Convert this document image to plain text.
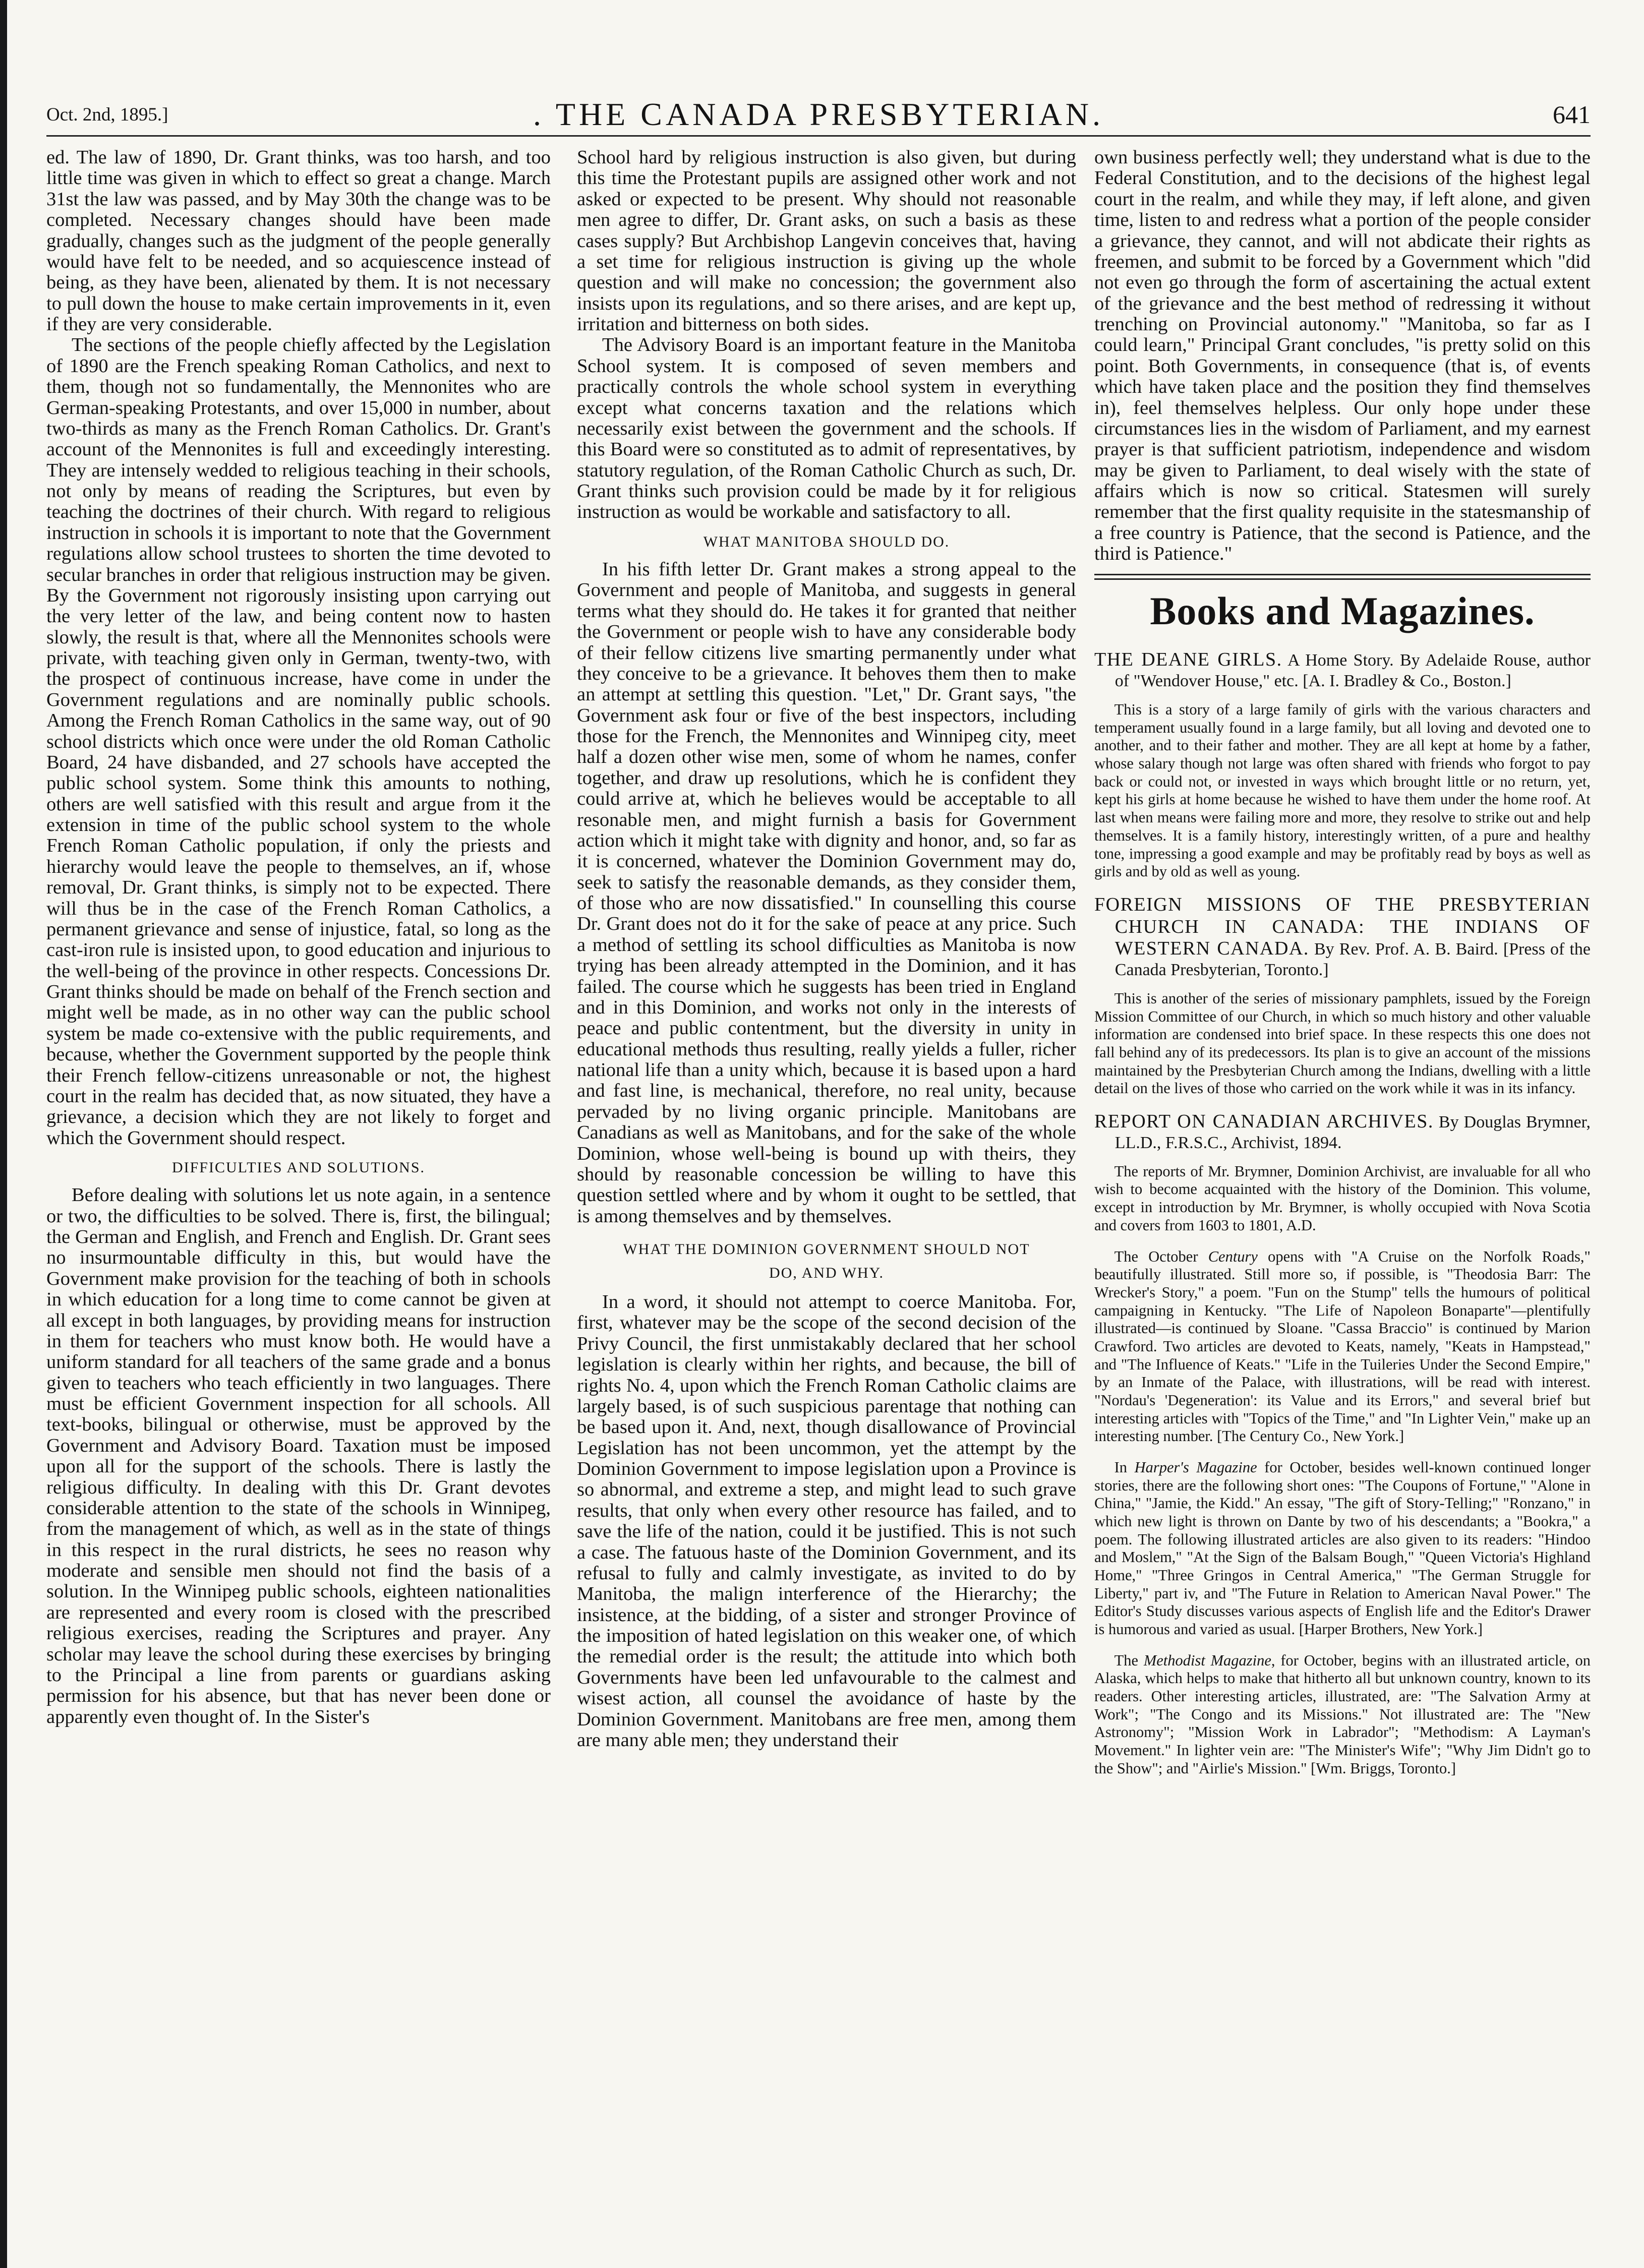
Oct. 2nd, 1895.]	. THE CANADA PRESBYTERIAN.	641

ed. The law of 1890, Dr. Grant thinks, was too harsh, and too little time was given in which to effect so great a change. March 31st the law was passed, and by May 30th the change was to be completed. Necessary changes should have been made gradually, changes such as the judgment of the people generally would have felt to be needed, and so acquiescence instead of being, as they have been, alienated by them. It is not necessary to pull down the house to make certain improvements in it, even if they are very considerable.

The sections of the people chiefly affected by the Legislation of 1890 are the French speaking Roman Catholics, and next to them, though not so fundamentally, the Mennonites who are German-speaking Protestants, and over 15,000 in number, about two-thirds as many as the French Roman Catholics. Dr. Grant's account of the Mennonites is full and exceedingly interesting. They are intensely wedded to religious teaching in their schools, not only by means of reading the Scriptures, but even by teaching the doctrines of their church. With regard to religious instruction in schools it is important to note that the Government regulations allow school trustees to shorten the time devoted to secular branches in order that religious instruction may be given. By the Government not rigorously insisting upon carrying out the very letter of the law, and being content now to hasten slowly, the result is that, where all the Mennonites schools were private, with teaching given only in German, twenty-two, with the prospect of continuous increase, have come in under the Government regulations and are nominally public schools. Among the French Roman Catholics in the same way, out of 90 school districts which once were under the old Roman Catholic Board, 24 have disbanded, and 27 schools have accepted the public school system. Some think this amounts to nothing, others are well satisfied with this result and argue from it the extension in time of the public school system to the whole French Roman Catholic population, if only the priests and hierarchy would leave the people to themselves, an if, whose removal, Dr. Grant thinks, is simply not to be expected. There will thus be in the case of the French Roman Catholics, a permanent grievance and sense of injustice, fatal, so long as the cast-iron rule is insisted upon, to good education and injurious to the well-being of the province in other respects. Concessions Dr. Grant thinks should be made on behalf of the French section and might well be made, as in no other way can the public school system be made co-extensive with the public requirements, and because, whether the Government supported by the people think their French fellow-citizens unreasonable or not, the highest court in the realm has decided that, as now situated, they have a grievance, a decision which they are not likely to forget and which the Government should respect.

DIFFICULTIES AND SOLUTIONS.

Before dealing with solutions let us note again, in a sentence or two, the difficulties to be solved. There is, first, the bilingual; the German and English, and French and English. Dr. Grant sees no insurmountable difficulty in this, but would have the Government make provision for the teaching of both in schools in which education for a long time to come cannot be given at all except in both languages, by providing means for instruction in them for teachers who must know both. He would have a uniform standard for all teachers of the same grade and a bonus given to teachers who teach efficiently in two languages. There must be efficient Government inspection for all schools. All text-books, bilingual or otherwise, must be approved by the Government and Advisory Board. Taxation must be imposed upon all for the support of the schools. There is lastly the religious difficulty. In dealing with this Dr. Grant devotes considerable attention to the state of the schools in Winnipeg, from the management of which, as well as in the state of things in this respect in the rural districts, he sees no reason why moderate and sensible men should not find the basis of a solution. In the Winnipeg public schools, eighteen nationalities are represented and every room is closed with the prescribed religious exercises, reading the Scriptures and prayer. Any scholar may leave the school during these exercises by bringing to the Principal a line from parents or guardians asking permission for his absence, but that has never been done or apparently even thought of. In the Sister's

School hard by religious instruction is also given, but during this time the Protestant pupils are assigned other work and not asked or expected to be present. Why should not reasonable men agree to differ, Dr. Grant asks, on such a basis as these cases supply? But Archbishop Langevin conceives that, having a set time for religious instruction is giving up the whole question and will make no concession; the government also insists upon its regulations, and so there arises, and are kept up, irritation and bitterness on both sides.

The Advisory Board is an important feature in the Manitoba School system. It is composed of seven members and practically controls the whole school system in everything except what concerns taxation and the relations which necessarily exist between the government and the schools. If this Board were so constituted as to admit of representatives, by statutory regulation, of the Roman Catholic Church as such, Dr. Grant thinks such provision could be made by it for religious instruction as would be workable and satisfactory to all.

WHAT MANITOBA SHOULD DO.

In his fifth letter Dr. Grant makes a strong appeal to the Government and people of Manitoba, and suggests in general terms what they should do. He takes it for granted that neither the Government or people wish to have any considerable body of their fellow citizens live smarting permanently under what they conceive to be a grievance. It behoves them then to make an attempt at settling this question. "Let," Dr. Grant says, "the Government ask four or five of the best inspectors, including those for the French, the Mennonites and Winnipeg city, meet half a dozen other wise men, some of whom he names, confer together, and draw up resolutions, which he is confident they could arrive at, which he believes would be acceptable to all resonable men, and might furnish a basis for Government action which it might take with dignity and honor, and, so far as it is concerned, whatever the Dominion Government may do, seek to satisfy the reasonable demands, as they consider them, of those who are now dissatisfied." In counselling this course Dr. Grant does not do it for the sake of peace at any price. Such a method of settling its school difficulties as Manitoba is now trying has been already attempted in the Dominion, and it has failed. The course which he suggests has been tried in England and in this Dominion, and works not only in the interests of peace and public contentment, but the diversity in unity in educational methods thus resulting, really yields a fuller, richer national life than a unity which, because it is based upon a hard and fast line, is mechanical, therefore, no real unity, because pervaded by no living organic principle. Manitobans are Canadians as well as Manitobans, and for the sake of the whole Dominion, whose well-being is bound up with theirs, they should by reasonable concession be willing to have this question settled where and by whom it ought to be settled, that is among themselves and by themselves.

WHAT THE DOMINION GOVERNMENT SHOULD NOT
DO, AND WHY.

In a word, it should not attempt to coerce Manitoba. For, first, whatever may be the scope of the second decision of the Privy Council, the first unmistakably declared that her school legislation is clearly within her rights, and because, the bill of rights No. 4, upon which the French Roman Catholic claims are largely based, is of such suspicious parentage that nothing can be based upon it. And, next, though disallowance of Provincial Legislation has not been uncommon, yet the attempt by the Dominion Government to impose legislation upon a Province is so abnormal, and extreme a step, and might lead to such grave results, that only when every other resource has failed, and to save the life of the nation, could it be justified. This is not such a case. The fatuous haste of the Dominion Government, and its refusal to fully and calmly investigate, as invited to do by Manitoba, the malign interference of the Hierarchy; the insistence, at the bidding, of a sister and stronger Province of the imposition of hated legislation on this weaker one, of which the remedial order is the result; the attitude into which both Governments have been led unfavourable to the calmest and wisest action, all counsel the avoidance of haste by the Dominion Government. Manitobans are free men, among them are many able men; they understand their

own business perfectly well; they understand what is due to the Federal Constitution, and to the decisions of the highest legal court in the realm, and while they may, if left alone, and given time, listen to and redress what a portion of the people consider a grievance, they cannot, and will not abdicate their rights as freemen, and submit to be forced by a Government which "did not even go through the form of ascertaining the actual extent of the grievance and the best method of redressing it without trenching on Provincial autonomy." "Manitoba, so far as I could learn," Principal Grant concludes, "is pretty solid on this point. Both Governments, in consequence (that is, of events which have taken place and the position they find themselves in), feel themselves helpless. Our only hope under these circumstances lies in the wisdom of Parliament, and my earnest prayer is that sufficient patriotism, independence and wisdom may be given to Parliament, to deal wisely with the state of affairs which is now so critical. Statesmen will surely remember that the first quality requisite in the statesmanship of a free country is Patience, that the second is Patience, and the third is Patience."

Books and Magazines.
THE DEANE GIRLS. A Home Story. By Adelaide Rouse, author of "Wendover House," etc. [A. I. Bradley & Co., Boston.]

This is a story of a large family of girls with the various characters and temperament usually found in a large family, but all loving and devoted one to another, and to their father and mother. They are all kept at home by a father, whose salary though not large was often shared with friends who forgot to pay back or could not, or invested in ways which brought little or no return, yet, kept his girls at home because he wished to have them under the home roof. At last when means were failing more and more, they resolve to strike out and help themselves. It is a family history, interestingly written, of a pure and healthy tone, impressing a good example and may be profitably read by boys as well as girls and by old as well as young.

FOREIGN MISSIONS OF THE PRESBYTERIAN CHURCH IN CANADA: THE INDIANS OF WESTERN CANADA. By Rev. Prof. A. B. Baird. [Press of the Canada Presbyterian, Toronto.]

This is another of the series of missionary pamphlets, issued by the Foreign Mission Committee of our Church, in which so much history and other valuable information are condensed into brief space. In these respects this one does not fall behind any of its predecessors. Its plan is to give an account of the missions maintained by the Presbyterian Church among the Indians, dwelling with a little detail on the lives of those who carried on the work while it was in its infancy.

REPORT ON CANADIAN ARCHIVES. By Douglas Brymner, LL.D., F.R.S.C., Archivist, 1894.

The reports of Mr. Brymner, Dominion Archivist, are invaluable for all who wish to become acquainted with the history of the Dominion. This volume, except in introduction by Mr. Brymner, is wholly occupied with Nova Scotia and covers from 1603 to 1801, A.D.

The October Century opens with "A Cruise on the Norfolk Roads," beautifully illustrated. Still more so, if possible, is "Theodosia Barr: The Wrecker's Story," a poem. "Fun on the Stump" tells the humours of political campaigning in Kentucky. "The Life of Napoleon Bonaparte"—plentifully illustrated—is continued by Sloane. "Cassa Braccio" is continued by Marion Crawford. Two articles are devoted to Keats, namely, "Keats in Hampstead," and "The Influence of Keats." "Life in the Tuileries Under the Second Empire," by an Inmate of the Palace, with illustrations, will be read with interest. "Nordau's 'Degeneration': its Value and its Errors," and several brief but interesting articles with "Topics of the Time," and "In Lighter Vein," make up an interesting number. [The Century Co., New York.]

In Harper's Magazine for October, besides well-known continued longer stories, there are the following short ones: "The Coupons of Fortune," "Alone in China," "Jamie, the Kidd." An essay, "The gift of Story-Telling;" "Ronzano," in which new light is thrown on Dante by two of his descendants; a "Bookra," a poem. The following illustrated articles are also given to its readers: "Hindoo and Moslem," "At the Sign of the Balsam Bough," "Queen Victoria's Highland Home," "Three Gringos in Central America," "The German Struggle for Liberty," part iv, and "The Future in Relation to American Naval Power." The Editor's Study discusses various aspects of English life and the Editor's Drawer is humorous and varied as usual. [Harper Brothers, New York.]

The Methodist Magazine, for October, begins with an illustrated article, on Alaska, which helps to make that hitherto all but unknown country, known to its readers. Other interesting articles, illustrated, are: "The Salvation Army at Work"; "The Congo and its Missions." Not illustrated are: The "New Astronomy"; "Mission Work in Labrador"; "Methodism: A Layman's Movement." In lighter vein are: "The Minister's Wife"; "Why Jim Didn't go to the Show"; and "Airlie's Mission." [Wm. Briggs, Toronto.]
